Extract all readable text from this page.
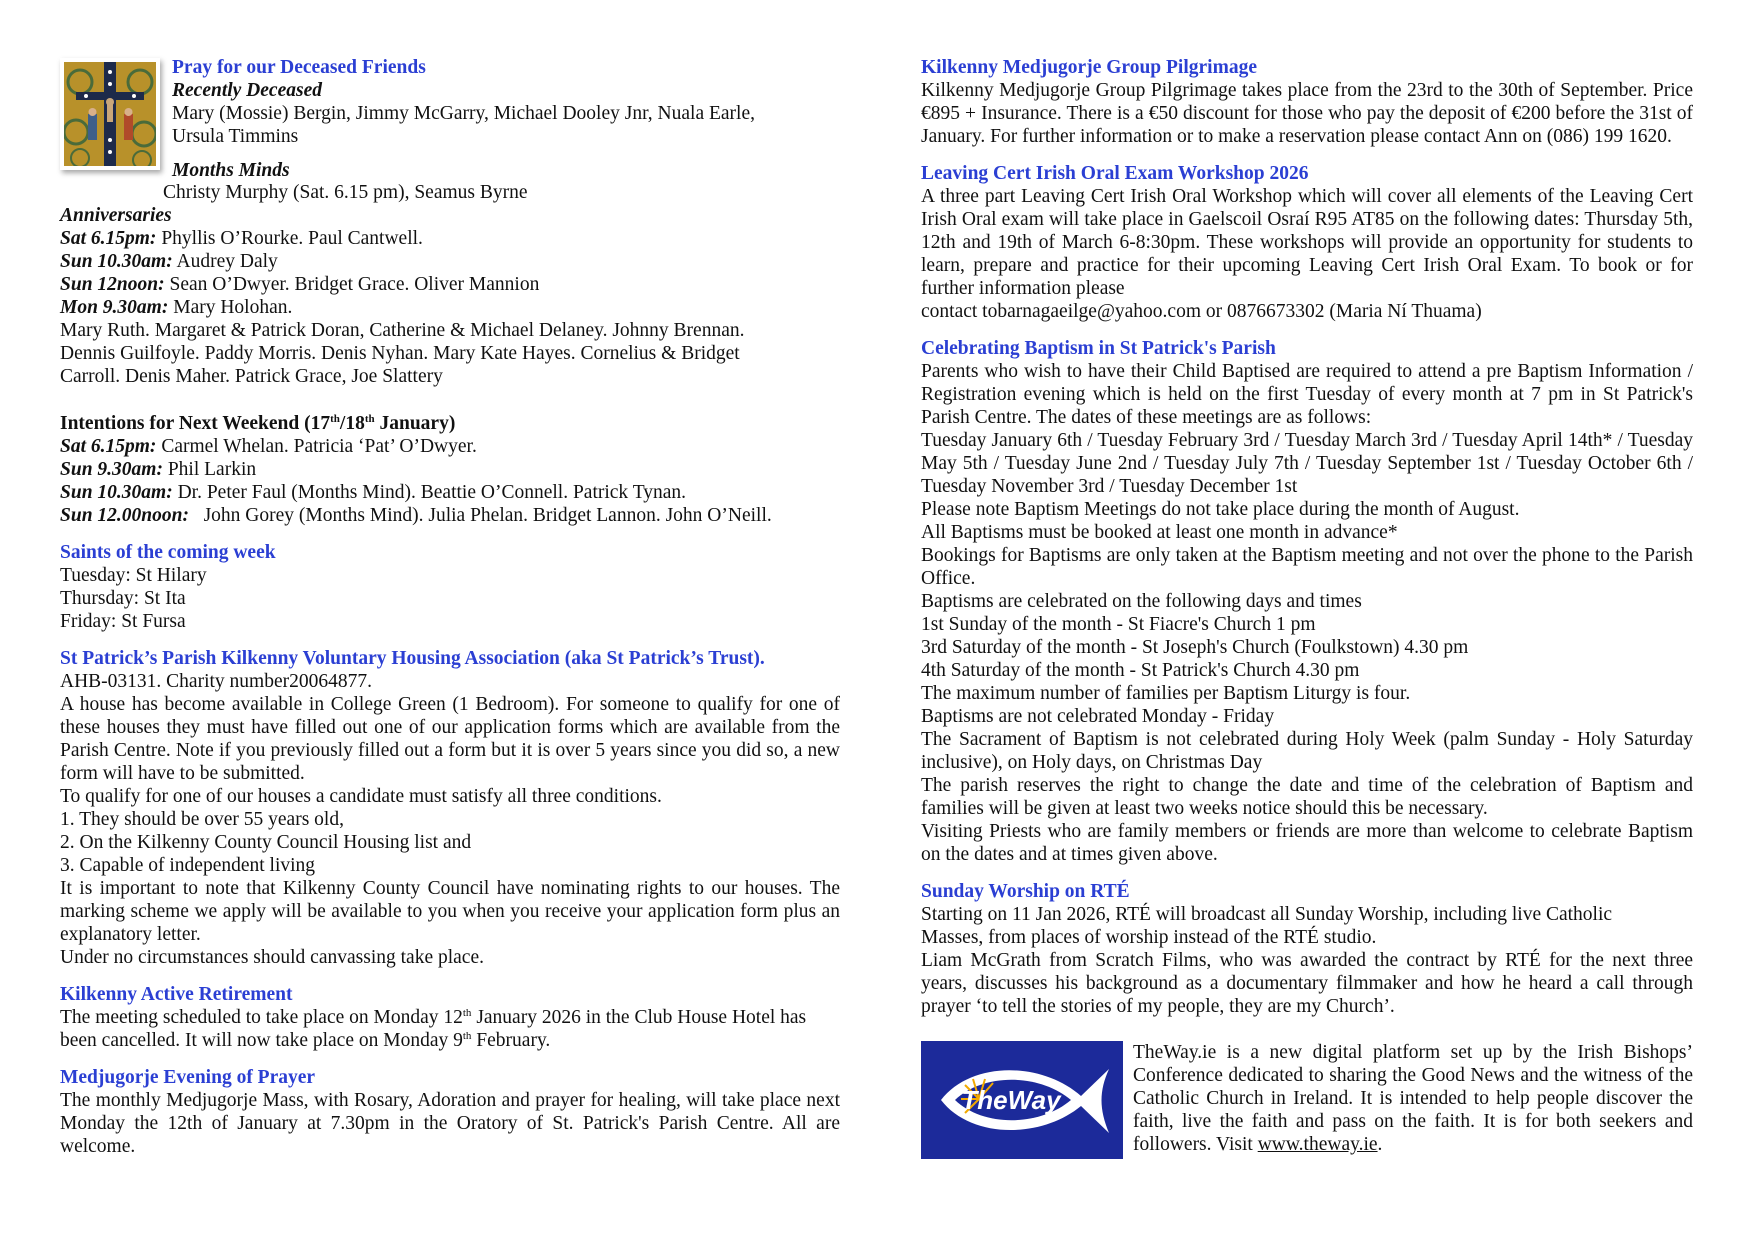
Pray for our Deceased Friends
Recently Deceased
Mary (Mossie) Bergin, Jimmy McGarry, Michael Dooley Jnr, Nuala Earle,
Ursula Timmins
Months Minds
Christy Murphy (Sat. 6.15 pm), Seamus Byrne
Anniversaries
Sat 6.15pm: Phyllis O’Rourke. Paul Cantwell.
Sun 10.30am: Audrey Daly
Sun 12noon: Sean O’Dwyer. Bridget Grace. Oliver Mannion
Mon 9.30am: Mary Holohan.
Mary Ruth. Margaret & Patrick Doran, Catherine & Michael Delaney. Johnny Brennan. Dennis Guilfoyle. Paddy Morris. Denis Nyhan. Mary Kate Hayes. Cornelius & Bridget Carroll. Denis Maher. Patrick Grace, Joe Slattery
Intentions for Next Weekend (17th/18th January)
Sat 6.15pm: Carmel Whelan. Patricia ‘Pat’ O’Dwyer.
Sun 9.30am: Phil Larkin
Sun 10.30am: Dr. Peter Faul (Months Mind). Beattie O’Connell. Patrick Tynan.
Sun 12.00noon:   John Gorey (Months Mind). Julia Phelan. Bridget Lannon. John O’Neill.
Saints of the coming week
Tuesday: St Hilary
Thursday: St Ita
Friday: St Fursa
St Patrick’s Parish Kilkenny Voluntary Housing Association (aka St Patrick’s Trust).
AHB-03131. Charity number20064877.
A house has become available in College Green (1 Bedroom). For someone to qualify for one of these houses they must have filled out one of our application forms which are available from the Parish Centre. Note if you previously filled out a form but it is over 5 years since you did so, a new form will have to be submitted.
To qualify for one of our houses a candidate must satisfy all three conditions.
1. They should be over 55 years old,
2. On the Kilkenny County Council Housing list and
3. Capable of independent living
It is important to note that Kilkenny County Council have nominating rights to our houses. The marking scheme we apply will be available to you when you receive your application form plus an explanatory letter.
Under no circumstances should canvassing take place.
Kilkenny Active Retirement
The meeting scheduled to take place on Monday 12th January 2026 in the Club House Hotel has been cancelled. It will now take place on Monday 9th February.
Medjugorje Evening of Prayer
The monthly Medjugorje Mass, with Rosary, Adoration and prayer for healing, will take place next Monday the 12th of January at 7.30pm in the Oratory of St. Patrick's Parish Centre. All are welcome.
Kilkenny Medjugorje Group Pilgrimage
Kilkenny Medjugorje Group Pilgrimage takes place from the 23rd to the 30th of September. Price €895 + Insurance. There is a €50 discount for those who pay the deposit of €200 before the 31st of January. For further information or to make a reservation please contact Ann on (086) 199 1620.
Leaving Cert Irish Oral Exam Workshop 2026
A three part Leaving Cert Irish Oral Workshop which will cover all elements of the Leaving Cert Irish Oral exam will take place in Gaelscoil Osraí R95 AT85 on the following dates: Thursday 5th, 12th and 19th of March 6-8:30pm. These workshops will provide an opportunity for students to learn, prepare and practice for their upcoming Leaving Cert Irish Oral Exam. To book or for further information please
contact tobarnagaeilge@yahoo.com or 0876673302 (Maria Ní Thuama)
Celebrating Baptism in St Patrick's Parish
Parents who wish to have their Child Baptised are required to attend a pre Baptism Information / Registration evening which is held on the first Tuesday of every month at 7 pm in St Patrick's Parish Centre. The dates of these meetings are as follows:
Tuesday January 6th / Tuesday February 3rd / Tuesday March 3rd / Tuesday April 14th* / Tuesday May 5th / Tuesday June 2nd / Tuesday July 7th / Tuesday September 1st / Tuesday October 6th / Tuesday November 3rd / Tuesday December 1st
Please note Baptism Meetings do not take place during the month of August.
All Baptisms must be booked at least one month in advance*
Bookings for Baptisms are only taken at the Baptism meeting and not over the phone to the Parish Office.
Baptisms are celebrated on the following days and times
1st Sunday of the month - St Fiacre's Church 1 pm
3rd Saturday of the month - St Joseph's Church (Foulkstown) 4.30 pm
4th Saturday of the month - St Patrick's Church 4.30 pm
The maximum number of families per Baptism Liturgy is four.
Baptisms are not celebrated Monday - Friday
The Sacrament of Baptism is not celebrated during Holy Week (palm Sunday - Holy Saturday inclusive), on Holy days, on Christmas Day
The parish reserves the right to change the date and time of the celebration of Baptism and families will be given at least two weeks notice should this be necessary.
Visiting Priests who are family members or friends are more than welcome to celebrate Baptism on the dates and at times given above.
Sunday Worship on RTÉ
Starting on 11 Jan 2026, RTÉ will broadcast all Sunday Worship, including live Catholic Masses, from places of worship instead of the RTÉ studio.
Liam McGrath from Scratch Films, who was awarded the contract by RTÉ for the next three years, discusses his background as a documentary filmmaker and how he heard a call through prayer ‘to tell the stories of my people, they are my Church’.
TheWay
TheWay.ie is a new digital platform set up by the Irish Bishops’ Conference dedicated to sharing the Good News and the witness of the Catholic Church in Ireland. It is intended to help people discover the faith, live the faith and pass on the faith. It is for both seekers and followers. Visit www.theway.ie.
